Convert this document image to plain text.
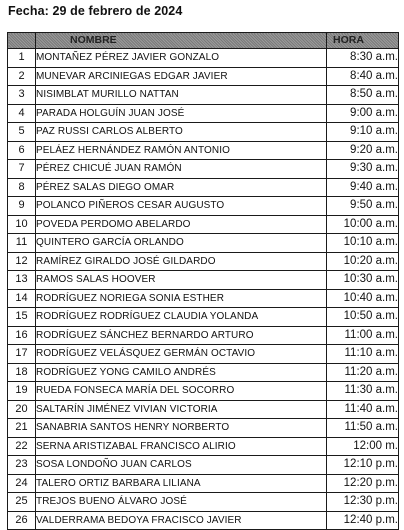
Fecha: 29 de febrero de 2024
	NOMBRE	HORA
1	MONTAÑEZ PÉREZ JAVIER GONZALO	8:30 a.m.
2	MUNEVAR ARCINIEGAS EDGAR JAVIER	8:40 a.m.
3	NISIMBLAT MURILLO NATTAN	8:50 a.m.
4	PARADA HOLGUÍN JUAN JOSÉ	9:00 a.m.
5	PAZ RUSSI CARLOS ALBERTO	9:10 a.m.
6	PELÁEZ HERNÁNDEZ RAMÓN ANTONIO	9:20 a.m.
7	PÉREZ CHICUÉ JUAN RAMÓN	9:30 a.m.
8	PÉREZ SALAS DIEGO OMAR	9:40 a.m.
9	POLANCO PIÑEROS CESAR AUGUSTO	9:50 a.m.
10	POVEDA PERDOMO ABELARDO	10:00 a.m.
11	QUINTERO GARCÍA ORLANDO	10:10 a.m.
12	RAMÍREZ GIRALDO JOSÉ GILDARDO	10:20 a.m.
13	RAMOS SALAS HOOVER	10:30 a.m.
14	RODRÍGUEZ NORIEGA SONIA ESTHER	10:40 a.m.
15	RODRÍGUEZ RODRÍGUEZ CLAUDIA YOLANDA	10:50 a.m.
16	RODRÍGUEZ SÁNCHEZ BERNARDO ARTURO	11:00 a.m.
17	RODRÍGUEZ VELÁSQUEZ GERMÁN OCTAVIO	11:10 a.m.
18	RODRÍGUEZ YONG CAMILO ANDRÉS	11:20 a.m.
19	RUEDA FONSECA MARÍA DEL SOCORRO	11:30 a.m.
20	SALTARÍN JIMÉNEZ VIVIAN VICTORIA	11:40 a.m.
21	SANABRIA SANTOS HENRY NORBERTO	11:50 a.m.
22	SERNA ARISTIZABAL FRANCISCO ALIRIO	12:00 m.
23	SOSA LONDOÑO JUAN CARLOS	12:10 p.m.
24	TALERO ORTIZ BARBARA LILIANA	12:20 p.m.
25	TREJOS BUENO ÁLVARO JOSÉ	12:30 p.m.
26	VALDERRAMA BEDOYA FRACISCO JAVIER	12:40 p.m.
